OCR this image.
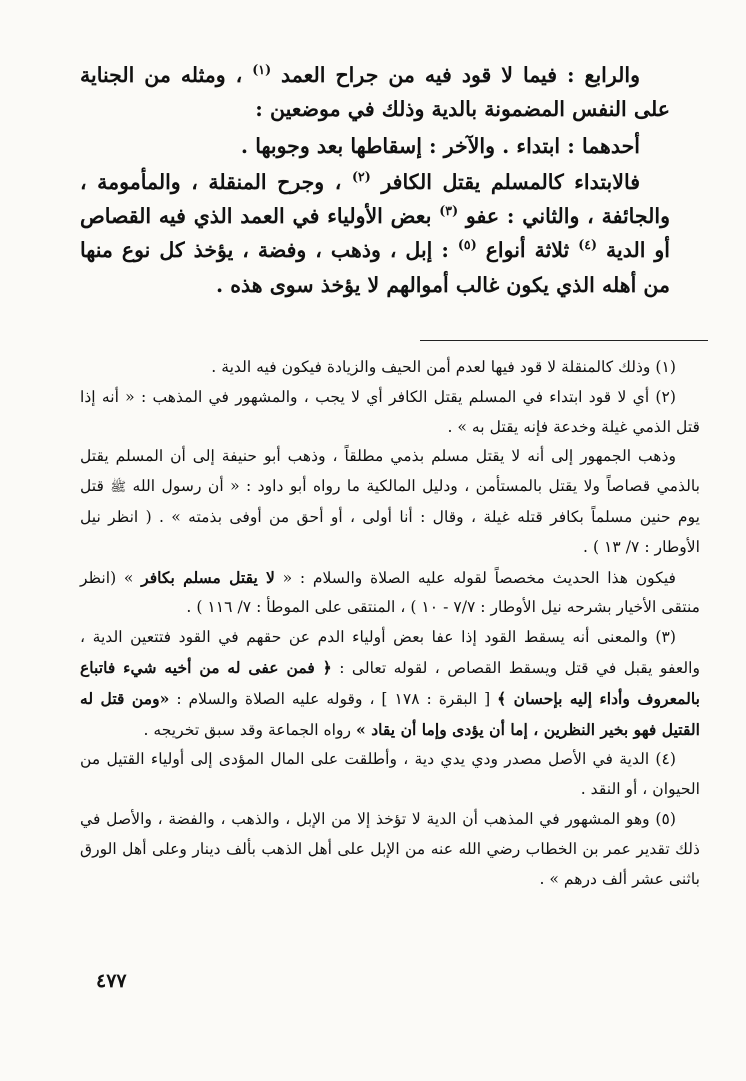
والرابع : فيما لا قود فيه من جراح العمد $^{(١)}$ ، ومثله من الجناية على النفس المضمونة بالدية وذلك في موضعين :

أحدهما : ابتداء . والآخر : إسقاطها بعد وجوبها .

فالابتداء كالمسلم يقتل الكافر $^{(٢)}$ ، وجرح المنقلة ، والمأمومة ، والجائفة ، والثاني : عفو $^{(٣)}$ بعض الأولياء في العمد الذي فيه القصاص أو الدية $^{(٤)}$ ثلاثة أنواع $^{(٥)}$ : إبل ، وذهب ، وفضة ، يؤخذ كل نوع منها من أهله الذي يكون غالب أموالهم لا يؤخذ سوى هذه .

(١) وذلك كالمنقلة لا قود فيها لعدم أمن الحيف والزيادة فيكون فيه الدية .

(٢) أي لا قود ابتداء في المسلم يقتل الكافر أي لا يجب ، والمشهور في المذهب : « أنه إذا قتل الذمي غيلة وخدعة فإنه يقتل به » .

وذهب الجمهور إلى أنه لا يقتل مسلم بذمي مطلقاً ، وذهب أبو حنيفة إلى أن المسلم يقتل بالذمي قصاصاً ولا يقتل بالمستأمن ، ودليل المالكية ما رواه أبو داود : « أن رسول الله ﷺ قتل يوم حنين مسلماً بكافر قتله غيلة ، وقال : أنا أولى ، أو أحق من أوفى بذمته » . ( انظر نيل الأوطار : ٧/ ١٣ ) .

فيكون هذا الحديث مخصصاً لقوله عليه الصلاة والسلام : « لا يقتل مسلم بكافر » (انظر منتقى الأخيار بشرحه نيل الأوطار : ٧/٧ - ١٠ ) ، المنتقى على الموطأ : ٧/ ١١٦ ) .

(٣) والمعنى أنه يسقط القود إذا عفا بعض أولياء الدم عن حقهم في القود فتتعين الدية ، والعفو يقبل في قتل ويسقط القصاص ، لقوله تعالى : ﴿ فمن عفى له من أخيه شيء فاتباع بالمعروف وأداء إليه بإحسان ﴾ [ البقرة : ١٧٨ ] ، وقوله عليه الصلاة والسلام : «ومن قتل له القتيل فهو بخير النظرين ، إما أن يؤدى وإما أن يقاد » رواه الجماعة وقد سبق تخريجه .

(٤) الدية في الأصل مصدر ودي يدي دية ، وأطلقت على المال المؤدى إلى أولياء القتيل من الحيوان ، أو النقد .

(٥) وهو المشهور في المذهب أن الدية لا تؤخذ إلا من الإبل ، والذهب ، والفضة ، والأصل في ذلك تقدير عمر بن الخطاب رضي الله عنه من الإبل على أهل الذهب بألف دينار وعلى أهل الورق باثنى عشر ألف درهم » .

٤٧٧
